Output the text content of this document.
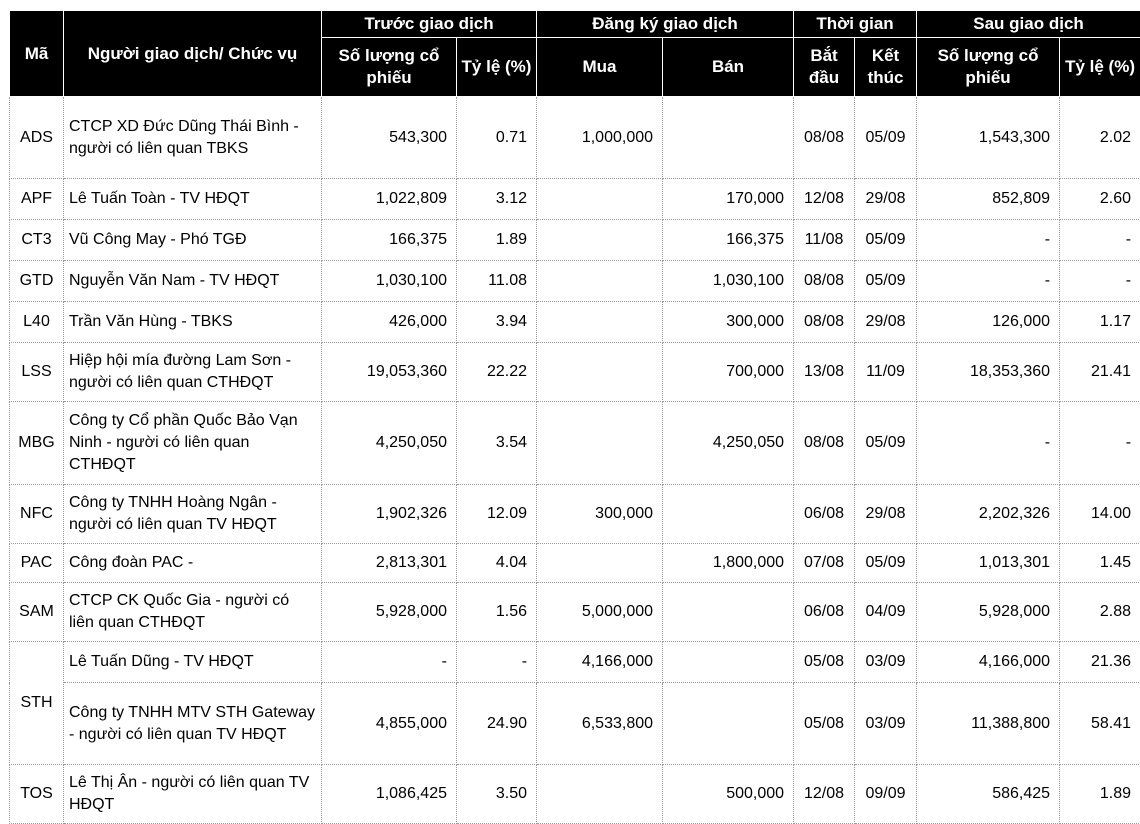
Mã	Người giao dịch/ Chức vụ	Trước giao dịch		Đăng ký giao dịch		Thời gian		Sau giao dịch	
		Số lượng cổ phiếu	Tỷ lệ (%)	Mua	Bán	Bắt đầu	Kết thúc	Số lượng cổ phiếu	Tỷ lệ (%)
ADS	CTCP XD Đức Dũng Thái Bình - người có liên quan TBKS	543,300	0.71	1,000,000		08/08	05/09	1,543,300	2.02
APF	Lê Tuấn Toàn - TV HĐQT	1,022,809	3.12		170,000	12/08	29/08	852,809	2.60
CT3	Vũ Công May - Phó TGĐ	166,375	1.89		166,375	11/08	05/09	-	-
GTD	Nguyễn Văn Nam - TV HĐQT	1,030,100	11.08		1,030,100	08/08	05/09	-	-
L40	Trần Văn Hùng - TBKS	426,000	3.94		300,000	08/08	29/08	126,000	1.17
LSS	Hiệp hội mía đường Lam Sơn - người có liên quan CTHĐQT	19,053,360	22.22		700,000	13/08	11/09	18,353,360	21.41
MBG	Công ty Cổ phần Quốc Bảo Vạn Ninh - người có liên quan CTHĐQT	4,250,050	3.54		4,250,050	08/08	05/09	-	-
NFC	Công ty TNHH Hoàng Ngân - người có liên quan TV HĐQT	1,902,326	12.09	300,000		06/08	29/08	2,202,326	14.00
PAC	Công đoàn PAC -	2,813,301	4.04		1,800,000	07/08	05/09	1,013,301	1.45
SAM	CTCP CK Quốc Gia - người có liên quan CTHĐQT	5,928,000	1.56	5,000,000		06/08	04/09	5,928,000	2.88
STH	Lê Tuấn Dũng - TV HĐQT	-	-	4,166,000		05/08	03/09	4,166,000	21.36
	Công ty TNHH MTV STH Gateway - người có liên quan TV HĐQT	4,855,000	24.90	6,533,800		05/08	03/09	11,388,800	58.41
TOS	Lê Thị Ân - người có liên quan TV HĐQT	1,086,425	3.50		500,000	12/08	09/09	586,425	1.89
